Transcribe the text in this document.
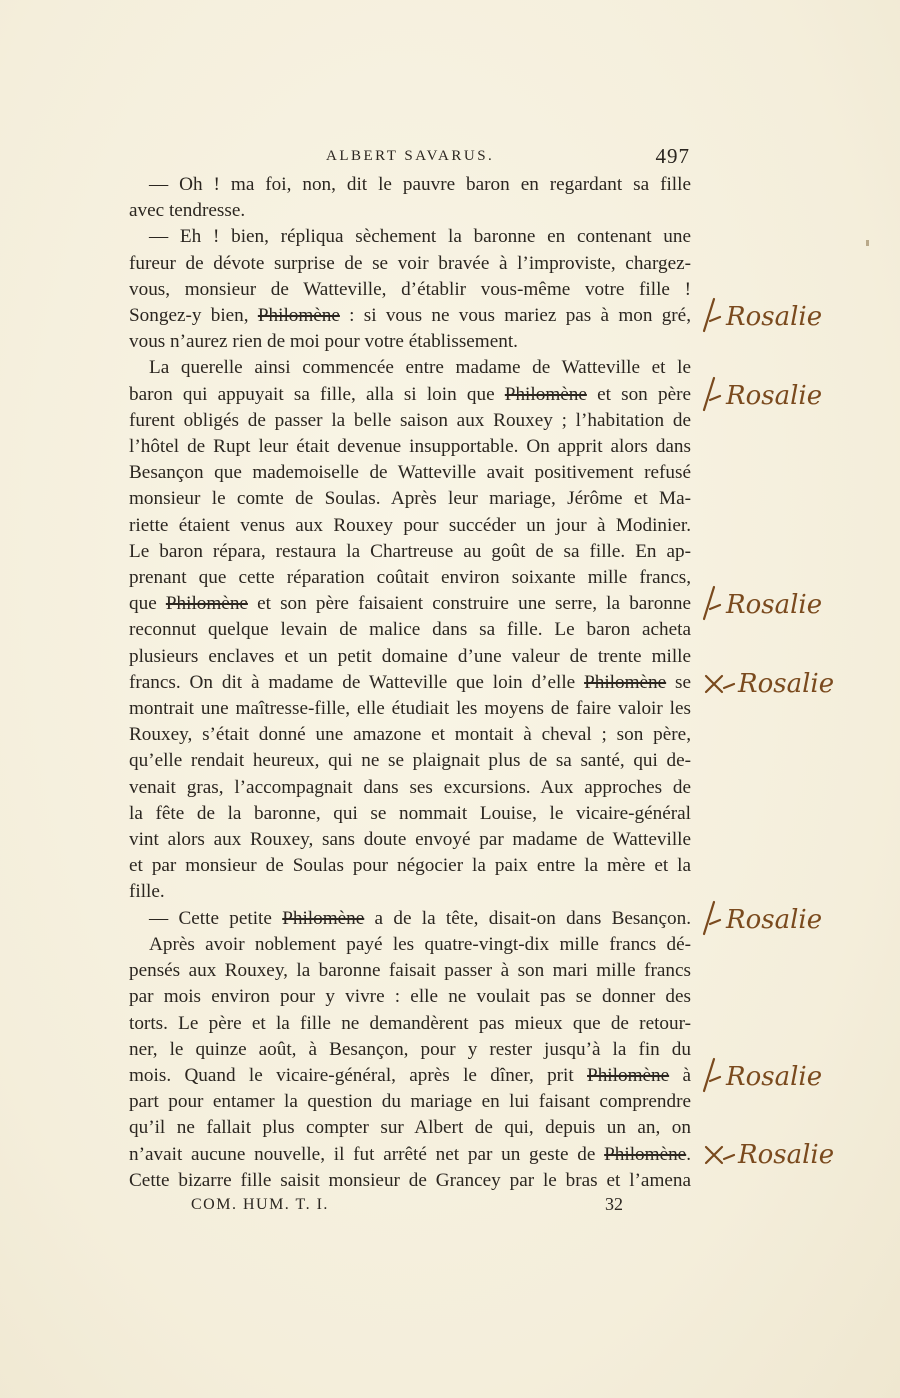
ALBERT SAVARUS.	497
— Oh ! ma foi, non, dit le pauvre baron en regardant sa fille
avec tendresse.
— Eh ! bien, répliqua sèchement la baronne en contenant une
fureur de dévote surprise de se voir bravée à l’improviste, chargez-
vous, monsieur de Watteville, d’établir vous-même votre fille !
Songez-y bien, Philomène : si vous ne vous mariez pas à mon gré,
vous n’aurez rien de moi pour votre établissement.
La querelle ainsi commencée entre madame de Watteville et le
baron qui appuyait sa fille, alla si loin que Philomène et son père
furent obligés de passer la belle saison aux Rouxey ; l’habitation de
l’hôtel de Rupt leur était devenue insupportable. On apprit alors dans
Besançon que mademoiselle de Watteville avait positivement refusé
monsieur le comte de Soulas. Après leur mariage, Jérôme et Ma-
riette étaient venus aux Rouxey pour succéder un jour à Modinier.
Le baron répara, restaura la Chartreuse au goût de sa fille. En ap-
prenant que cette réparation coûtait environ soixante mille francs,
que Philomène et son père faisaient construire une serre, la baronne
reconnut quelque levain de malice dans sa fille. Le baron acheta
plusieurs enclaves et un petit domaine d’une valeur de trente mille
francs. On dit à madame de Watteville que loin d’elle Philomène se
montrait une maîtresse-fille, elle étudiait les moyens de faire valoir les
Rouxey, s’était donné une amazone et montait à cheval ; son père,
qu’elle rendait heureux, qui ne se plaignait plus de sa santé, qui de-
venait gras, l’accompagnait dans ses excursions. Aux approches de
la fête de la baronne, qui se nommait Louise, le vicaire-général
vint alors aux Rouxey, sans doute envoyé par madame de Watteville
et par monsieur de Soulas pour négocier la paix entre la mère et la
fille.
— Cette petite Philomène a de la tête, disait-on dans Besançon.
Après avoir noblement payé les quatre-vingt-dix mille francs dé-
pensés aux Rouxey, la baronne faisait passer à son mari mille francs
par mois environ pour y vivre : elle ne voulait pas se donner des
torts. Le père et la fille ne demandèrent pas mieux que de retour-
ner, le quinze août, à Besançon, pour y rester jusqu’à la fin du
mois. Quand le vicaire-général, après le dîner, prit Philomène à
part pour entamer la question du mariage en lui faisant comprendre
qu’il ne fallait plus compter sur Albert de qui, depuis un an, on
n’avait aucune nouvelle, il fut arrêté net par un geste de Philomène.
Cette bizarre fille saisit monsieur de Grancey par le bras et l’amena
Rosalie
Rosalie
Rosalie
Rosalie
Rosalie
Rosalie
Rosalie
COM. HUM. T. I.	32
